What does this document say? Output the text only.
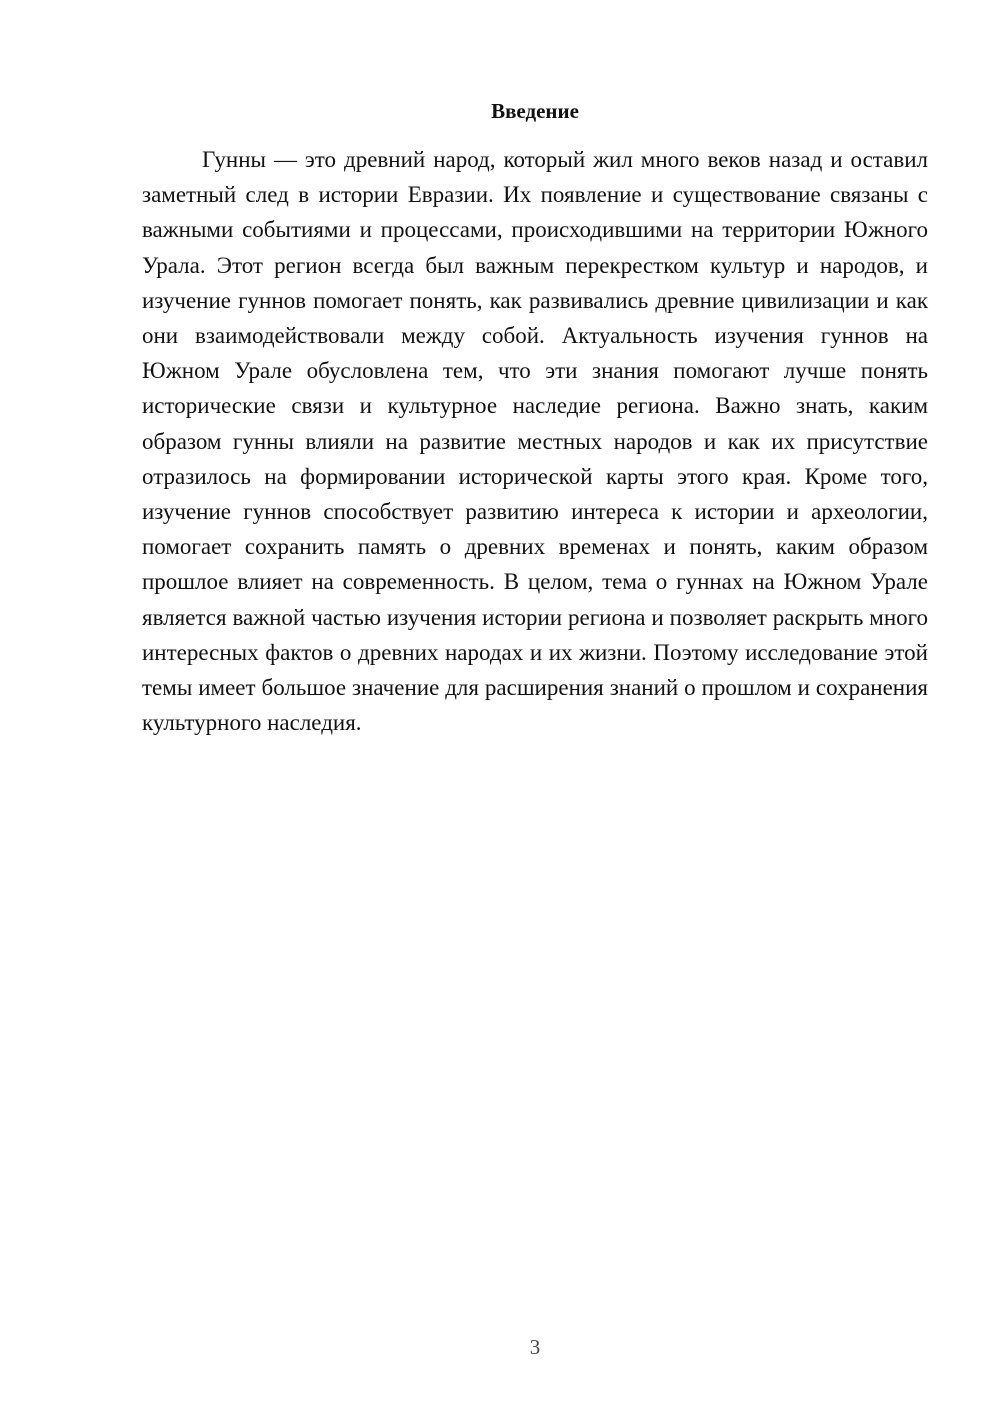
Введение

Гунны — это древний народ, который жил много веков назад и оставил заметный след в истории Евразии. Их появление и существование связаны с важными событиями и процессами, происходившими на территории Южного Урала. Этот регион всегда был важным перекрестком культур и народов, и изучение гуннов помогает понять, как развивались древние цивилизации и как они взаимодействовали между собой. Актуальность изучения гуннов на Южном Урале обусловлена тем, что эти знания помогают лучше понять исторические связи и культурное наследие региона. Важно знать, каким образом гунны влияли на развитие местных народов и как их присутствие отразилось на формировании исторической карты этого края. Кроме того, изучение гуннов способствует развитию интереса к истории и археологии, помогает сохранить память о древних временах и понять, каким образом прошлое влияет на современность. В целом, тема о гуннах на Южном Урале является важной частью изучения истории региона и позволяет раскрыть много интересных фактов о древних народах и их жизни. Поэтому исследование этой темы имеет большое значение для расширения знаний о прошлом и сохранения культурного наследия.

3
